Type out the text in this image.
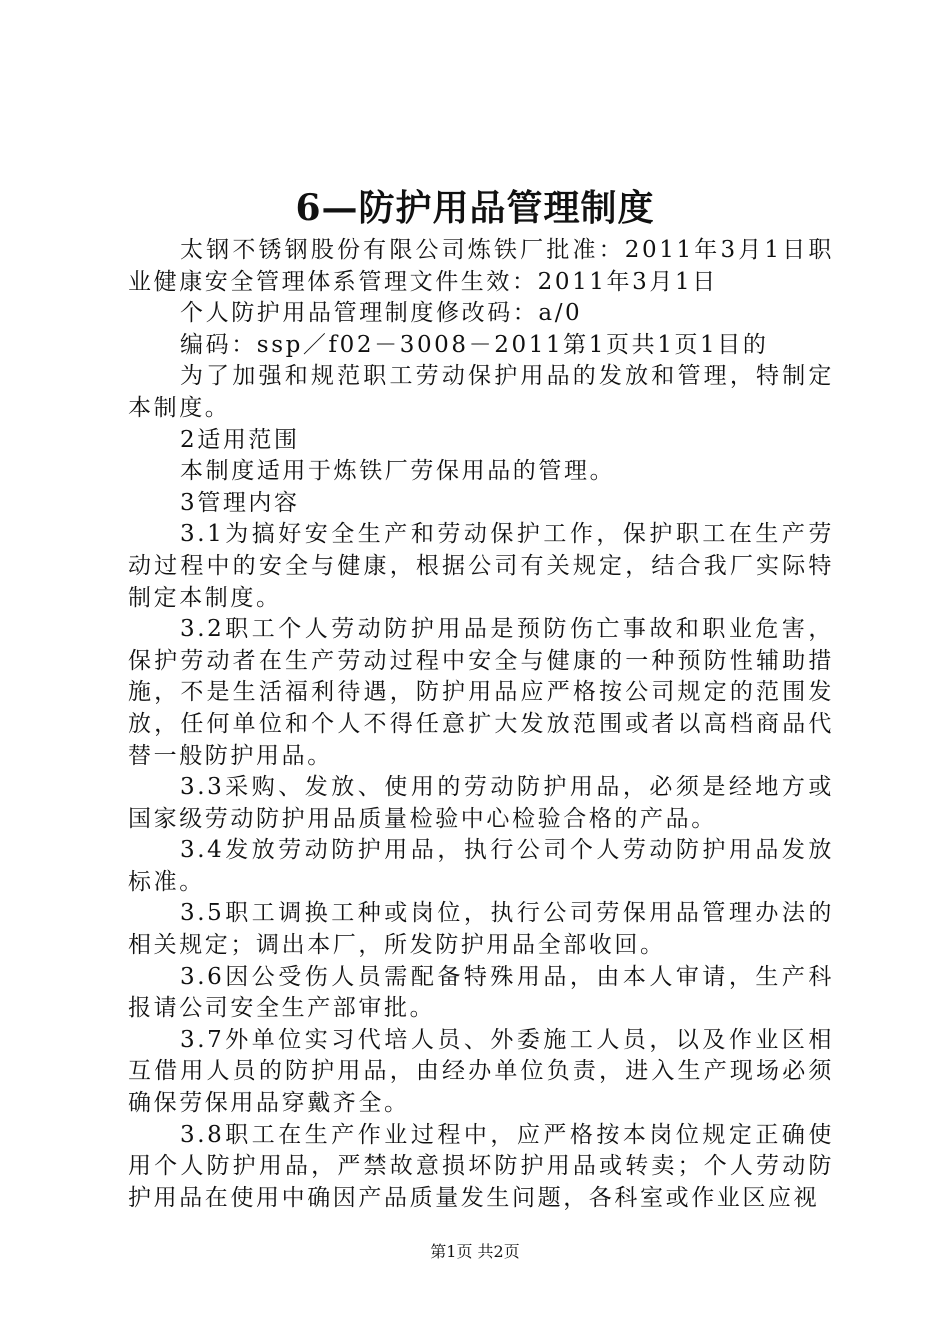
6—防护用品管理制度

太钢不锈钢股份有限公司炼铁厂批准：2011年3月1日职业健康安全管理体系管理文件生效：2011年3月1日

个人防护用品管理制度修改码：a/0

编码：ssp／f02－3008－2011第1页共1页1目的

为了加强和规范职工劳动保护用品的发放和管理，特制定本制度。

2适用范围

本制度适用于炼铁厂劳保用品的管理。

3管理内容

3.1为搞好安全生产和劳动保护工作，保护职工在生产劳动过程中的安全与健康，根据公司有关规定，结合我厂实际特制定本制度。

3.2职工个人劳动防护用品是预防伤亡事故和职业危害，保护劳动者在生产劳动过程中安全与健康的一种预防性辅助措施，不是生活福利待遇，防护用品应严格按公司规定的范围发放，任何单位和个人不得任意扩大发放范围或者以高档商品代替一般防护用品。

3.3采购、发放、使用的劳动防护用品，必须是经地方或国家级劳动防护用品质量检验中心检验合格的产品。

3.4发放劳动防护用品，执行公司个人劳动防护用品发放标准。

3.5职工调换工种或岗位，执行公司劳保用品管理办法的相关规定；调出本厂，所发防护用品全部收回。

3.6因公受伤人员需配备特殊用品，由本人审请，生产科报请公司安全生产部审批。

3.7外单位实习代培人员、外委施工人员，以及作业区相互借用人员的防护用品，由经办单位负责，进入生产现场必须确保劳保用品穿戴齐全。

3.8职工在生产作业过程中，应严格按本岗位规定正确使用个人防护用品，严禁故意损坏防护用品或转卖；个人劳动防护用品在使用中确因产品质量发生问题，各科室或作业区应视

第1页 共2页
